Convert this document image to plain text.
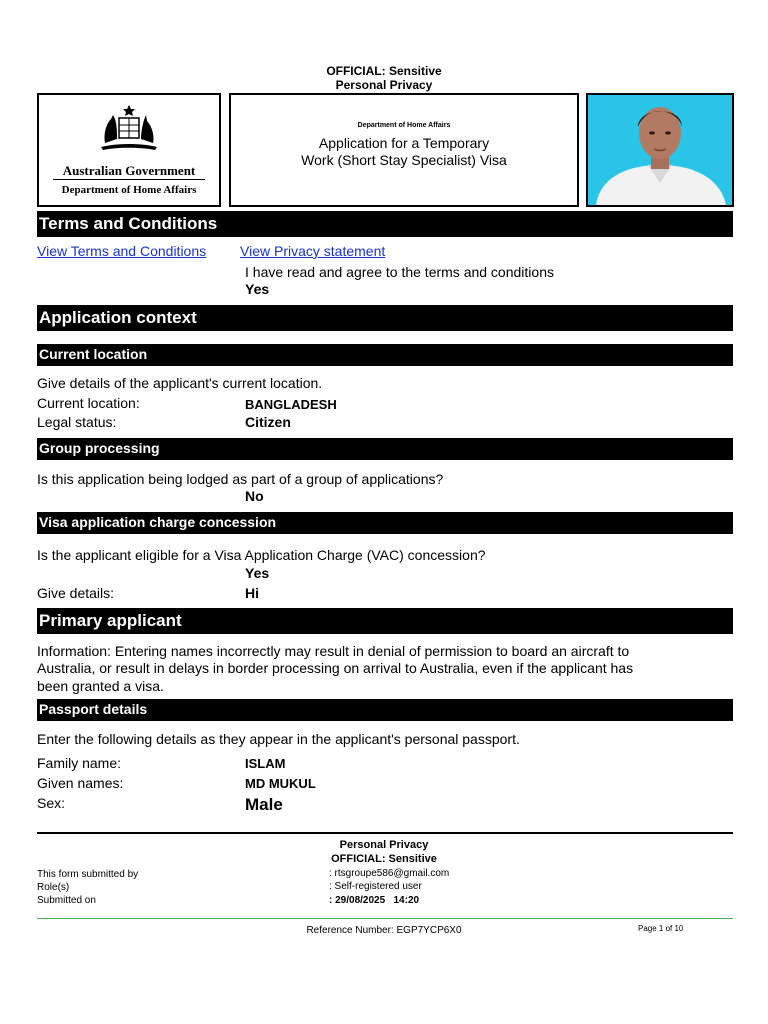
OFFICIAL: Sensitive
Personal Privacy
Australian Government
Department of Home Affairs
Department of Home Affairs
Application for a Temporary
Work (Short Stay Specialist) Visa
Terms and Conditions
View Terms and Conditions View Privacy statement
I have read and agree to the terms and conditions
Yes
Application context
Current location
Give details of the applicant's current location.
Current location:	BANGLADESH
Legal status:	Citizen
Group processing
Is this application being lodged as part of a group of applications?
No
Visa application charge concession
Is the applicant eligible for a Visa Application Charge (VAC) concession?
Yes
Give details:	Hi
Primary applicant
Information: Entering names incorrectly may result in denial of permission to board an aircraft to
Australia, or result in delays in border processing on arrival to Australia, even if the applicant has
been granted a visa.
Passport details
Enter the following details as they appear in the applicant's personal passport.
Family name:	ISLAM
Given names:	MD MUKUL
Sex:	Male
Personal Privacy
OFFICIAL: Sensitive
This form submitted by	: rtsgroupe586@gmail.com
Role(s)	: Self-registered user
Submitted on	: 29/08/2025   14:20
Reference Number: EGP7YCP6X0	Page 1 of 10
